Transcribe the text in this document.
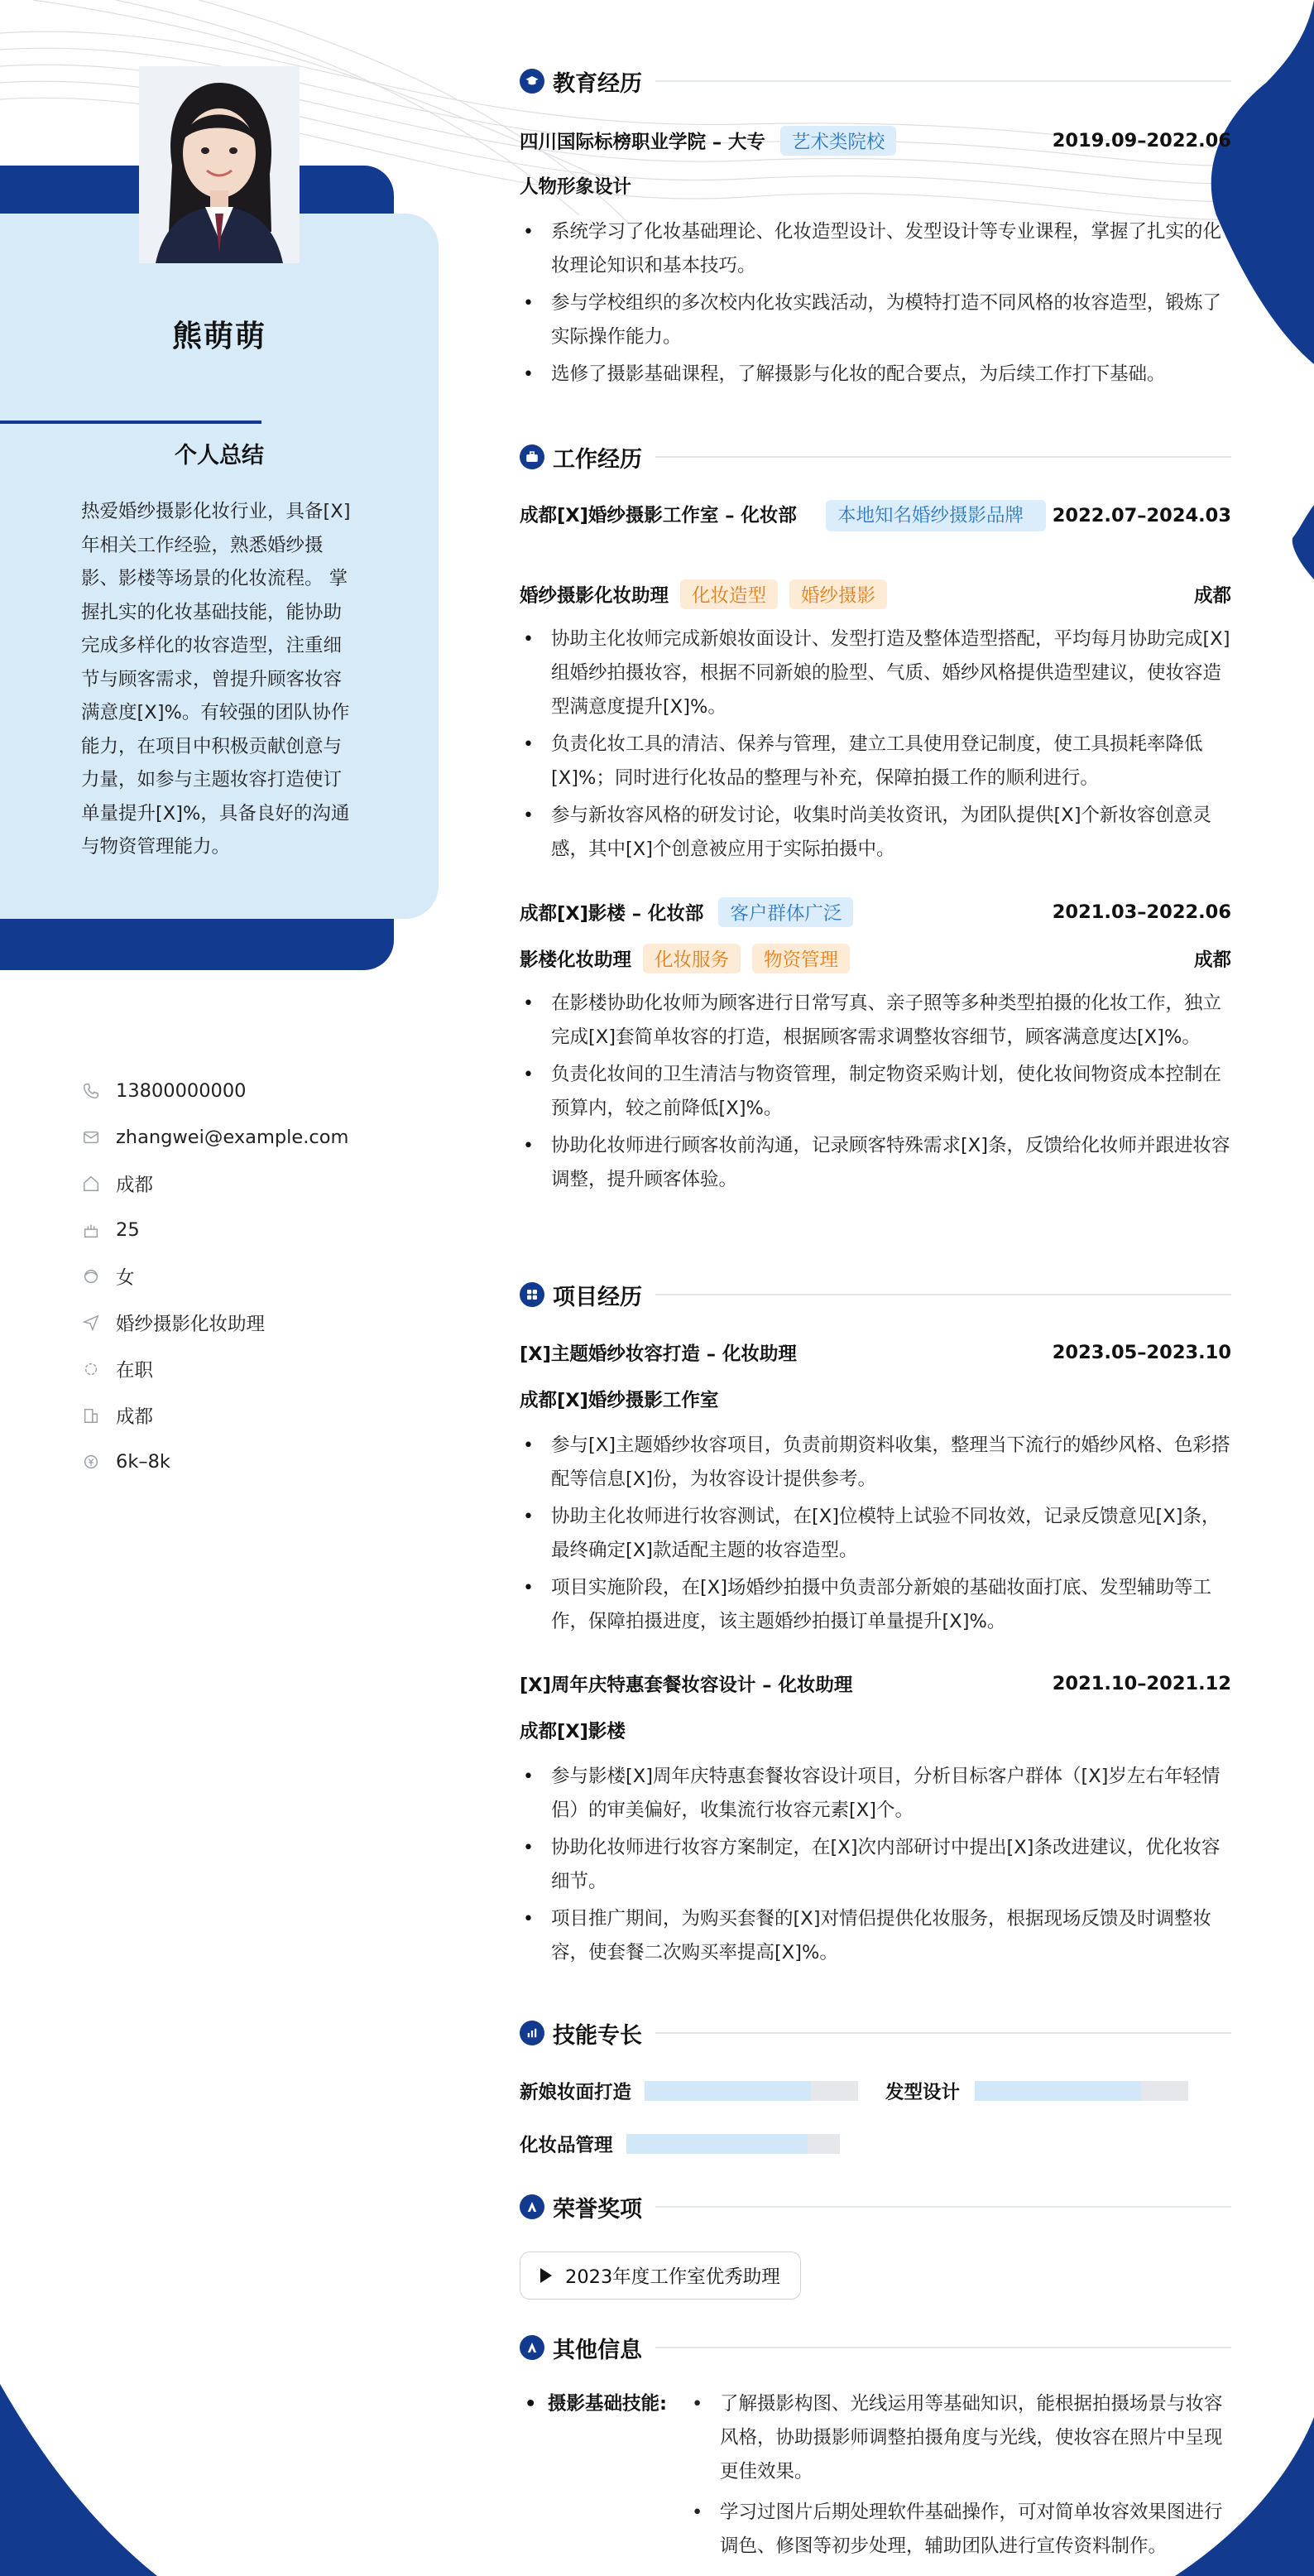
熊萌萌
个人总结
热爱婚纱摄影化妆行业，具备[X]年相关工作经验，熟悉婚纱摄影、影楼等场景的化妆流程。 掌握扎实的化妆基础技能，能协助完成多样化的妆容造型，注重细节与顾客需求，曾提升顾客妆容满意度[X]%。有较强的团队协作能力，在项目中积极贡献创意与力量，如参与主题妆容打造使订单量提升[X]%，具备良好的沟通与物资管理能力。
13800000000
zhangwei@example.com
成都
25
女
婚纱摄影化妆助理
在职
成都
6k–8k
教育经历
四川国际标榜职业学院 – 大专	艺术类院校	2019.09–2022.06
人物形象设计
• 系统学习了化妆基础理论、化妆造型设计、发型设计等专业课程，掌握了扎实的化妆理论知识和基本技巧。
• 参与学校组织的多次校内化妆实践活动，为模特打造不同风格的妆容造型，锻炼了实际操作能力。
• 选修了摄影基础课程，了解摄影与化妆的配合要点，为后续工作打下基础。
工作经历
成都[X]婚纱摄影工作室 – 化妆部	本地知名婚纱摄影品牌	2022.07–2024.03
婚纱摄影化妆助理	化妆造型	婚纱摄影	成都
• 协助主化妆师完成新娘妆面设计、发型打造及整体造型搭配，平均每月协助完成[X]组婚纱拍摄妆容，根据不同新娘的脸型、气质、婚纱风格提供造型建议，使妆容造型满意度提升[X]%。
• 负责化妆工具的清洁、保养与管理，建立工具使用登记制度，使工具损耗率降低[X]%；同时进行化妆品的整理与补充，保障拍摄工作的顺利进行。
• 参与新妆容风格的研发讨论，收集时尚美妆资讯，为团队提供[X]个新妆容创意灵感，其中[X]个创意被应用于实际拍摄中。
成都[X]影楼 – 化妆部	客户群体广泛	2021.03–2022.06
影楼化妆助理	化妆服务	物资管理	成都
• 在影楼协助化妆师为顾客进行日常写真、亲子照等多种类型拍摄的化妆工作，独立完成[X]套简单妆容的打造，根据顾客需求调整妆容细节，顾客满意度达[X]%。
• 负责化妆间的卫生清洁与物资管理，制定物资采购计划，使化妆间物资成本控制在预算内，较之前降低[X]%。
• 协助化妆师进行顾客妆前沟通，记录顾客特殊需求[X]条，反馈给化妆师并跟进妆容调整，提升顾客体验。
项目经历
[X]主题婚纱妆容打造 – 化妆助理	2023.05–2023.10
成都[X]婚纱摄影工作室
• 参与[X]主题婚纱妆容项目，负责前期资料收集，整理当下流行的婚纱风格、色彩搭配等信息[X]份，为妆容设计提供参考。
• 协助主化妆师进行妆容测试，在[X]位模特上试验不同妆效，记录反馈意见[X]条，最终确定[X]款适配主题的妆容造型。
• 项目实施阶段，在[X]场婚纱拍摄中负责部分新娘的基础妆面打底、发型辅助等工作，保障拍摄进度，该主题婚纱拍摄订单量提升[X]%。
[X]周年庆特惠套餐妆容设计 – 化妆助理	2021.10–2021.12
成都[X]影楼
• 参与影楼[X]周年庆特惠套餐妆容设计项目，分析目标客户群体（[X]岁左右年轻情侣）的审美偏好，收集流行妆容元素[X]个。
• 协助化妆师进行妆容方案制定，在[X]次内部研讨中提出[X]条改进建议，优化妆容细节。
• 项目推广期间，为购买套餐的[X]对情侣提供化妆服务，根据现场反馈及时调整妆容，使套餐二次购买率提高[X]%。
技能专长
新娘妆面打造	发型设计
化妆品管理
荣誉奖项
2023年度工作室优秀助理
其他信息
• 摄影基础技能:
•	了解摄影构图、光线运用等基础知识，能根据拍摄场景与妆容风格，协助摄影师调整拍摄角度与光线，使妆容在照片中呈现更佳效果。
• 学习过图片后期处理软件基础操作，可对简单妆容效果图进行调色、修图等初步处理，辅助团队进行宣传资料制作。
